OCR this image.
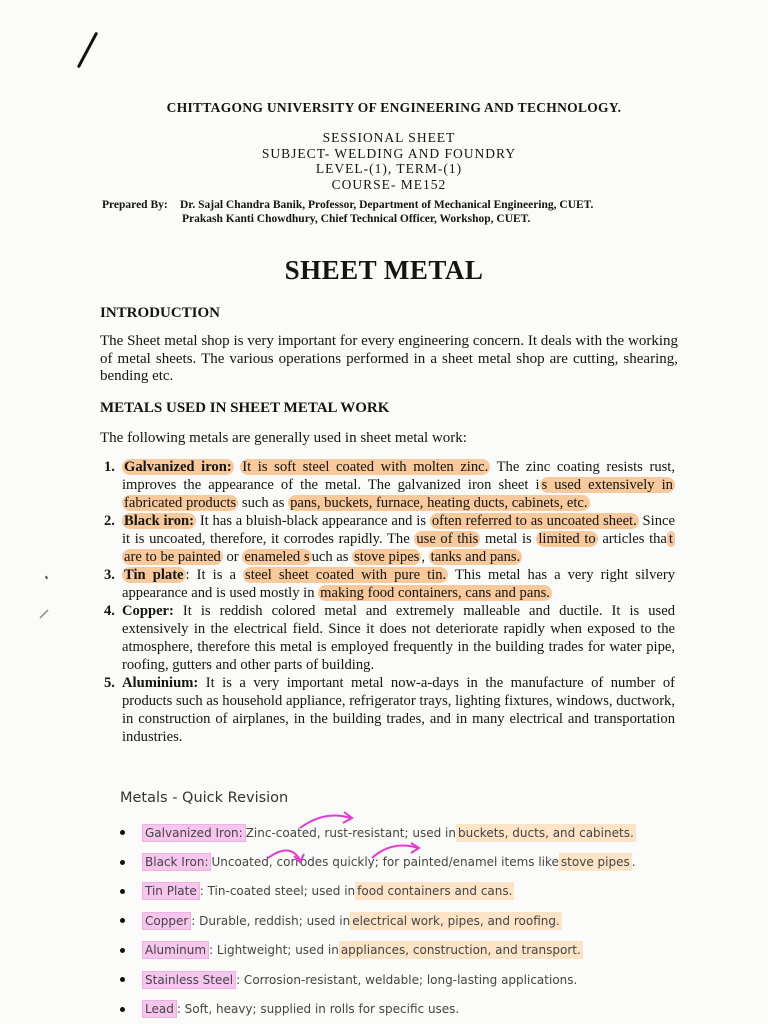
CHITTAGONG UNIVERSITY OF ENGINEERING AND TECHNOLOGY.
SESSIONAL SHEET
SUBJECT- WELDING AND FOUNDRY
LEVEL-(1), TERM-(1)
COURSE- ME152
Prepared By: Dr. Sajal Chandra Banik, Professor, Department of Mechanical Engineering, CUET.
Prakash Kanti Chowdhury, Chief Technical Officer, Workshop, CUET.
SHEET METAL
INTRODUCTION
The Sheet metal shop is very important for every engineering concern. It deals with the working of metal sheets. The various operations performed in a sheet metal shop are cutting, shearing, bending etc.
METALS USED IN SHEET METAL WORK
The following metals are generally used in sheet metal work:
1. Galvanized iron: It is soft steel coated with molten zinc. The zinc coating resists rust, improves the appearance of the metal. The galvanized iron sheet i s used extensively in fabricated products such as pans, buckets, furnace, heating ducts, cabinets, etc.
2. Black iron: It has a bluish-black appearance and is often referred to as uncoated sheet. Since it is uncoated, therefore, it corrodes rapidly. The use of this metal is limited to articles tha t are to be painted or enameled s uch as stove pipes , tanks and pans.
3. Tin plate : It is a steel sheet coated with pure tin. This metal has a very right silvery appearance and is used mostly in making food containers, cans and pans.
4. Copper: It is reddish colored metal and extremely malleable and ductile. It is used extensively in the electrical field. Since it does not deteriorate rapidly when exposed to the atmosphere, therefore this metal is employed frequently in the building trades for water pipe, roofing, gutters and other parts of building.
5. Aluminium: It is a very important metal now-a-days in the manufacture of number of products such as household appliance, refrigerator trays, lighting fixtures, windows, ductwork, in construction of airplanes, in the building trades, and in many electrical and transportation industries.
Metals - Quick Revision
Galvanized Iron: Zinc-coated, rust-resistant; used in buckets, ducts, and cabinets.
Black Iron: Uncoated, corrodes quickly; for painted/enamel items like stove pipes .
Tin Plate : Tin-coated steel; used in food containers and cans.
Copper : Durable, reddish; used in electrical work, pipes, and roofing.
Aluminum : Lightweight; used in appliances, construction, and transport.
Stainless Steel : Corrosion-resistant, weldable; long-lasting applications.
Lead : Soft, heavy; supplied in rolls for specific uses.
